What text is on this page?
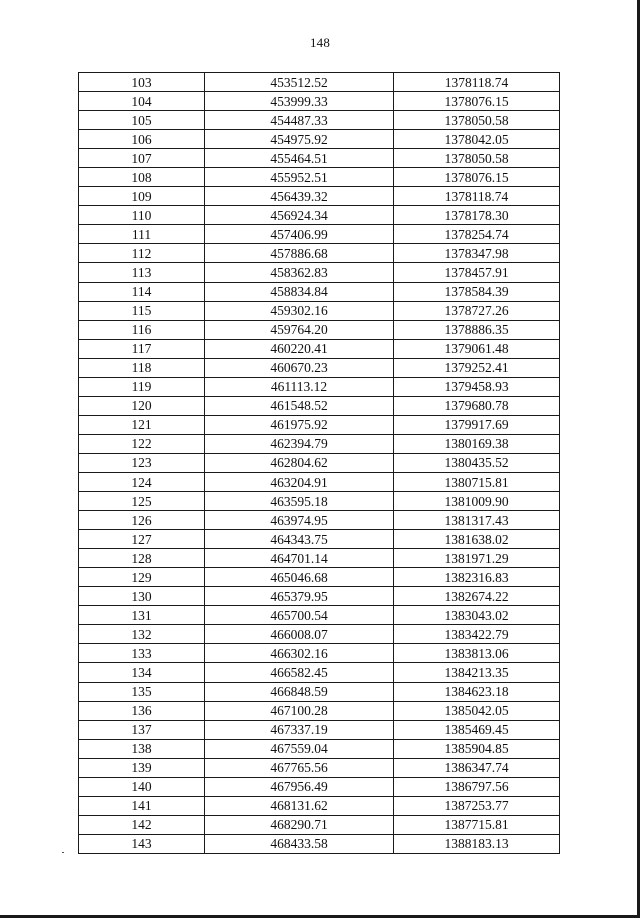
148
103	453512.52	1378118.74
104	453999.33	1378076.15
105	454487.33	1378050.58
106	454975.92	1378042.05
107	455464.51	1378050.58
108	455952.51	1378076.15
109	456439.32	1378118.74
110	456924.34	1378178.30
111	457406.99	1378254.74
112	457886.68	1378347.98
113	458362.83	1378457.91
114	458834.84	1378584.39
115	459302.16	1378727.26
116	459764.20	1378886.35
117	460220.41	1379061.48
118	460670.23	1379252.41
119	461113.12	1379458.93
120	461548.52	1379680.78
121	461975.92	1379917.69
122	462394.79	1380169.38
123	462804.62	1380435.52
124	463204.91	1380715.81
125	463595.18	1381009.90
126	463974.95	1381317.43
127	464343.75	1381638.02
128	464701.14	1381971.29
129	465046.68	1382316.83
130	465379.95	1382674.22
131	465700.54	1383043.02
132	466008.07	1383422.79
133	466302.16	1383813.06
134	466582.45	1384213.35
135	466848.59	1384623.18
136	467100.28	1385042.05
137	467337.19	1385469.45
138	467559.04	1385904.85
139	467765.56	1386347.74
140	467956.49	1386797.56
141	468131.62	1387253.77
142	468290.71	1387715.81
143	468433.58	1388183.13
